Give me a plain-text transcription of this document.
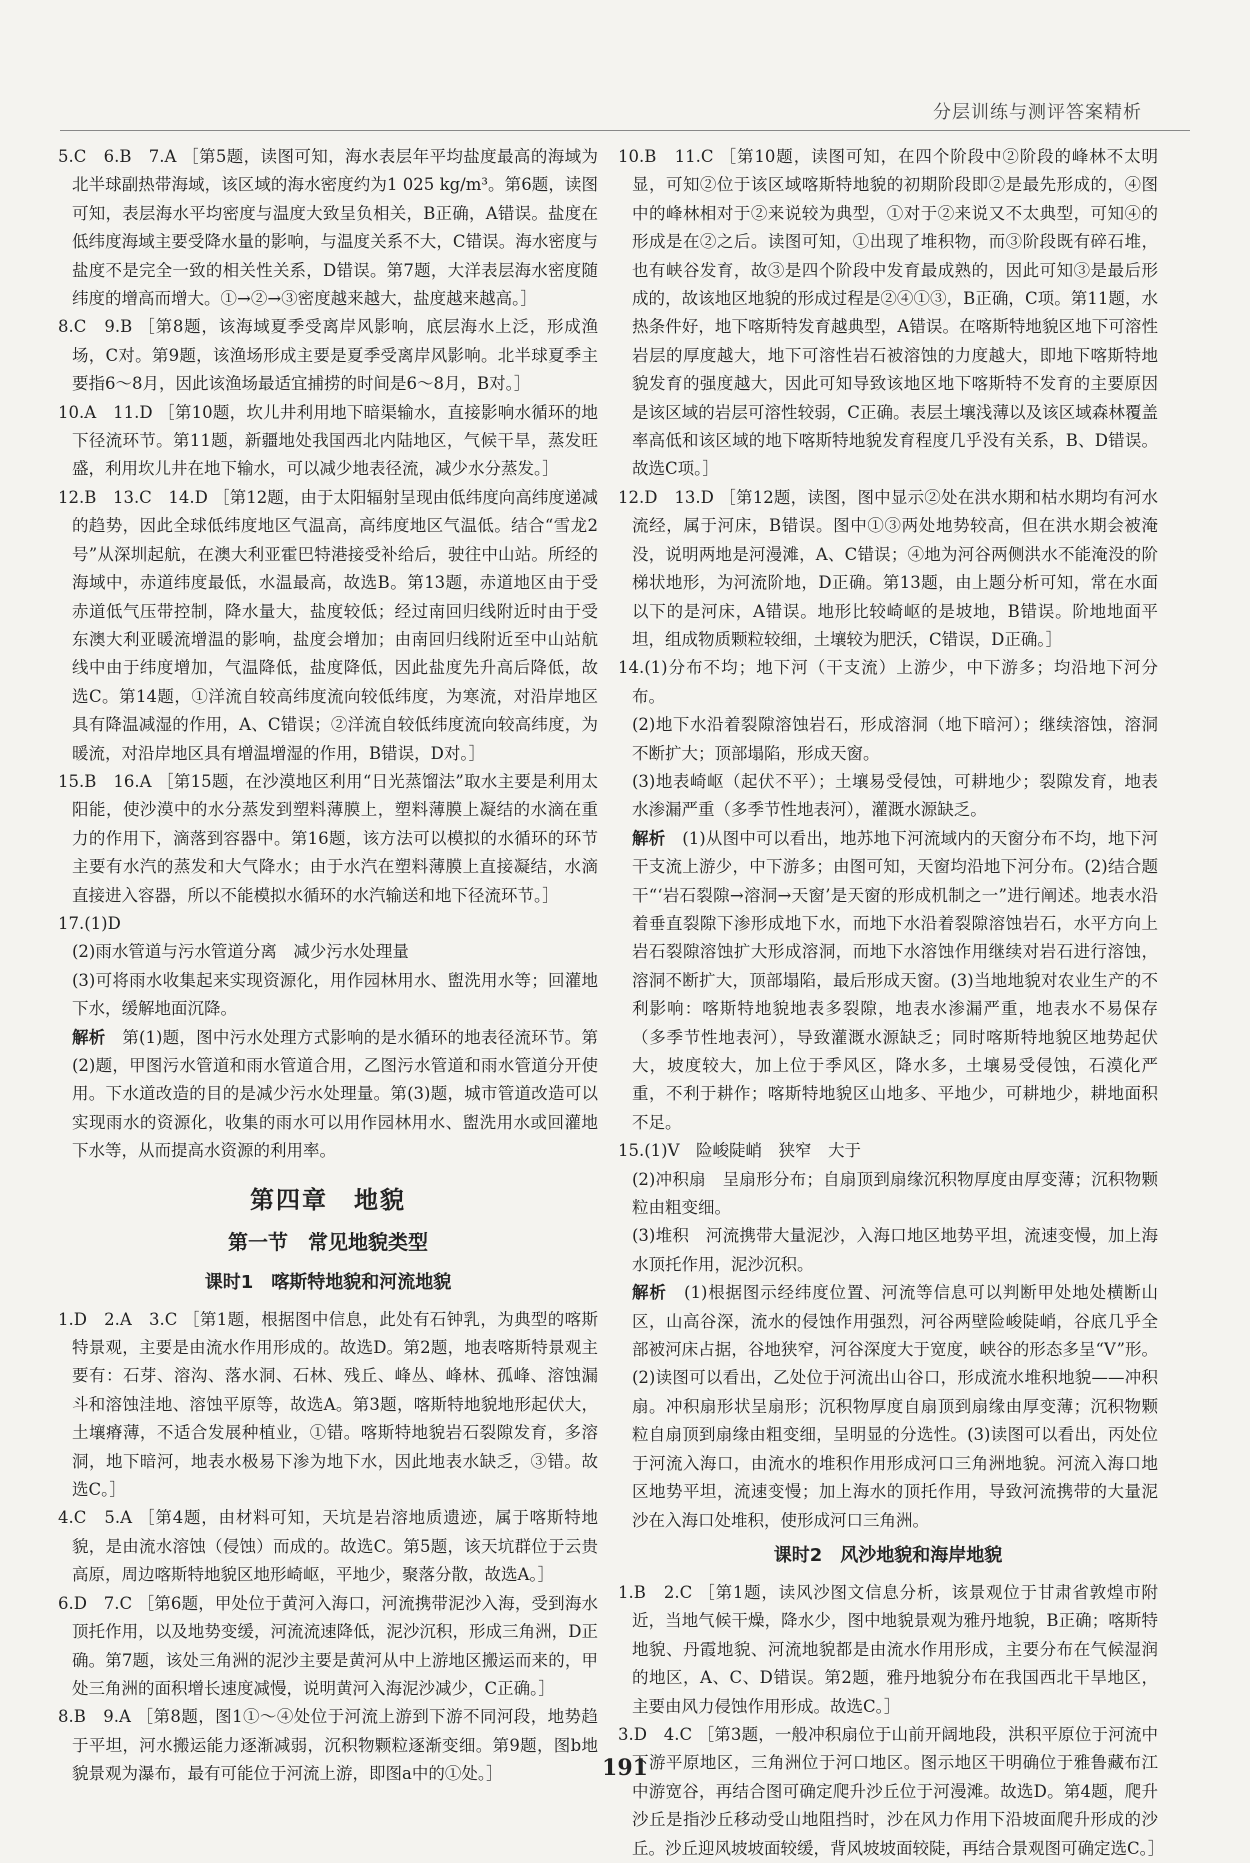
分层训练与测评答案精析

5.C　6.B　7.A ［第5题，读图可知，海水表层年平均盐度最高的海域为北半球副热带海域，该区域的海水密度约为1 025 kg/m³。第6题，读图可知，表层海水平均密度与温度大致呈负相关，B正确，A错误。盐度在低纬度海域主要受降水量的影响，与温度关系不大，C错误。海水密度与盐度不是完全一致的相关性关系，D错误。第7题，大洋表层海水密度随纬度的增高而增大。①→②→③密度越来越大，盐度越来越高。］

8.C　9.B ［第8题，该海域夏季受离岸风影响，底层海水上泛，形成渔场，C对。第9题，该渔场形成主要是夏季受离岸风影响。北半球夏季主要指6～8月，因此该渔场最适宜捕捞的时间是6～8月，B对。］

10.A　11.D ［第10题，坎儿井利用地下暗渠输水，直接影响水循环的地下径流环节。第11题，新疆地处我国西北内陆地区，气候干旱，蒸发旺盛，利用坎儿井在地下输水，可以减少地表径流，减少水分蒸发。］

12.B　13.C　14.D ［第12题，由于太阳辐射呈现由低纬度向高纬度递减的趋势，因此全球低纬度地区气温高，高纬度地区气温低。结合“雪龙2号”从深圳起航，在澳大利亚霍巴特港接受补给后，驶往中山站。所经的海域中，赤道纬度最低，水温最高，故选B。第13题，赤道地区由于受赤道低气压带控制，降水量大，盐度较低；经过南回归线附近时由于受东澳大利亚暖流增温的影响，盐度会增加；由南回归线附近至中山站航线中由于纬度增加，气温降低，盐度降低，因此盐度先升高后降低，故选C。第14题，①洋流自较高纬度流向较低纬度，为寒流，对沿岸地区具有降温减湿的作用，A、C错误；②洋流自较低纬度流向较高纬度，为暖流，对沿岸地区具有增温增湿的作用，B错误，D对。］

15.B　16.A ［第15题，在沙漠地区利用“日光蒸馏法”取水主要是利用太阳能，使沙漠中的水分蒸发到塑料薄膜上，塑料薄膜上凝结的水滴在重力的作用下，滴落到容器中。第16题，该方法可以模拟的水循环的环节主要有水汽的蒸发和大气降水；由于水汽在塑料薄膜上直接凝结，水滴直接进入容器，所以不能模拟水循环的水汽输送和地下径流环节。］

17.(1)D

(2)雨水管道与污水管道分离　减少污水处理量

(3)可将雨水收集起来实现资源化，用作园林用水、盥洗用水等；回灌地下水，缓解地面沉降。

解析　 第(1)题，图中污水处理方式影响的是水循环的地表径流环节。第(2)题，甲图污水管道和雨水管道合用，乙图污水管道和雨水管道分开使用。下水道改造的目的是减少污水处理量。第(3)题，城市管道改造可以实现雨水的资源化，收集的雨水可以用作园林用水、盥洗用水或回灌地下水等，从而提高水资源的利用率。

第四章　地貌
第一节　常见地貌类型
课时1　喀斯特地貌和河流地貌

1.D　2.A　3.C ［第1题，根据图中信息，此处有石钟乳，为典型的喀斯特景观，主要是由流水作用形成的。故选D。第2题，地表喀斯特景观主要有：石芽、溶沟、落水洞、石林、残丘、峰丛、峰林、孤峰、溶蚀漏斗和溶蚀洼地、溶蚀平原等，故选A。第3题，喀斯特地貌地形起伏大，土壤瘠薄，不适合发展种植业，①错。喀斯特地貌岩石裂隙发育，多溶洞，地下暗河，地表水极易下渗为地下水，因此地表水缺乏，③错。故选C。］

4.C　5.A ［第4题，由材料可知，天坑是岩溶地质遗迹，属于喀斯特地貌，是由流水溶蚀（侵蚀）而成的。故选C。第5题，该天坑群位于云贵高原，周边喀斯特地貌区地形崎岖，平地少，聚落分散，故选A。］

6.D　7.C ［第6题，甲处位于黄河入海口，河流携带泥沙入海，受到海水顶托作用，以及地势变缓，河流流速降低，泥沙沉积，形成三角洲，D正确。第7题，该处三角洲的泥沙主要是黄河从中上游地区搬运而来的，甲处三角洲的面积增长速度减慢，说明黄河入海泥沙减少，C正确。］

8.B　9.A ［第8题，图1①～④处位于河流上游到下游不同河段，地势趋于平坦，河水搬运能力逐渐减弱，沉积物颗粒逐渐变细。第9题，图b地貌景观为瀑布，最有可能位于河流上游，即图a中的①处。］

10.B　11.C ［第10题，读图可知，在四个阶段中②阶段的峰林不太明显，可知②位于该区域喀斯特地貌的初期阶段即②是最先形成的，④图中的峰林相对于②来说较为典型，①对于②来说又不太典型，可知④的形成是在②之后。读图可知，①出现了堆积物，而③阶段既有碎石堆，也有峡谷发育，故③是四个阶段中发育最成熟的，因此可知③是最后形成的，故该地区地貌的形成过程是②④①③，B正确，C项。第11题，水热条件好，地下喀斯特发育越典型，A错误。在喀斯特地貌区地下可溶性岩层的厚度越大，地下可溶性岩石被溶蚀的力度越大，即地下喀斯特地貌发育的强度越大，因此可知导致该地区地下喀斯特不发育的主要原因是该区域的岩层可溶性较弱，C正确。表层土壤浅薄以及该区域森林覆盖率高低和该区域的地下喀斯特地貌发育程度几乎没有关系，B、D错误。故选C项。］

12.D　13.D ［第12题，读图，图中显示②处在洪水期和枯水期均有河水流经，属于河床，B错误。图中①③两处地势较高，但在洪水期会被淹没，说明两地是河漫滩，A、C错误；④地为河谷两侧洪水不能淹没的阶梯状地形，为河流阶地，D正确。第13题，由上题分析可知，常在水面以下的是河床，A错误。地形比较崎岖的是坡地，B错误。阶地地面平坦，组成物质颗粒较细，土壤较为肥沃，C错误，D正确。］

14.(1)分布不均；地下河（干支流）上游少，中下游多；均沿地下河分布。

(2)地下水沿着裂隙溶蚀岩石，形成溶洞（地下暗河）；继续溶蚀，溶洞不断扩大；顶部塌陷，形成天窗。

(3)地表崎岖（起伏不平）；土壤易受侵蚀，可耕地少；裂隙发育，地表水渗漏严重（多季节性地表河），灌溉水源缺乏。

解析　 (1)从图中可以看出，地苏地下河流域内的天窗分布不均，地下河干支流上游少，中下游多；由图可知，天窗均沿地下河分布。(2)结合题干“‘岩石裂隙→溶洞→天窗’是天窗的形成机制之一”进行阐述。地表水沿着垂直裂隙下渗形成地下水，而地下水沿着裂隙溶蚀岩石，水平方向上岩石裂隙溶蚀扩大形成溶洞，而地下水溶蚀作用继续对岩石进行溶蚀，溶洞不断扩大，顶部塌陷，最后形成天窗。(3)当地地貌对农业生产的不利影响：喀斯特地貌地表多裂隙，地表水渗漏严重，地表水不易保存（多季节性地表河），导致灌溉水源缺乏；同时喀斯特地貌区地势起伏大，坡度较大，加上位于季风区，降水多，土壤易受侵蚀，石漠化严重，不利于耕作；喀斯特地貌区山地多、平地少，可耕地少，耕地面积不足。

15.(1)V　险峻陡峭　狭窄　大于

(2)冲积扇　呈扇形分布；自扇顶到扇缘沉积物厚度由厚变薄；沉积物颗粒由粗变细。

(3)堆积　河流携带大量泥沙，入海口地区地势平坦，流速变慢，加上海水顶托作用，泥沙沉积。

解析　 (1)根据图示经纬度位置、河流等信息可以判断甲处地处横断山区，山高谷深，流水的侵蚀作用强烈，河谷两壁险峻陡峭，谷底几乎全部被河床占据，谷地狭窄，河谷深度大于宽度，峡谷的形态多呈“V”形。(2)读图可以看出，乙处位于河流出山谷口，形成流水堆积地貌——冲积扇。冲积扇形状呈扇形；沉积物厚度自扇顶到扇缘由厚变薄；沉积物颗粒自扇顶到扇缘由粗变细，呈明显的分选性。(3)读图可以看出，丙处位于河流入海口，由流水的堆积作用形成河口三角洲地貌。河流入海口地区地势平坦，流速变慢；加上海水的顶托作用，导致河流携带的大量泥沙在入海口处堆积，使形成河口三角洲。

课时2　风沙地貌和海岸地貌

1.B　2.C ［第1题，读风沙图文信息分析，该景观位于甘肃省敦煌市附近，当地气候干燥，降水少，图中地貌景观为雅丹地貌，B正确；喀斯特地貌、丹霞地貌、河流地貌都是由流水作用形成，主要分布在气候湿润的地区，A、C、D错误。第2题，雅丹地貌分布在我国西北干旱地区，主要由风力侵蚀作用形成。故选C。］

3.D　4.C ［第3题，一般冲积扇位于山前开阔地段，洪积平原位于河流中下游平原地区，三角洲位于河口地区。图示地区干明确位于雅鲁藏布江中游宽谷，再结合图可确定爬升沙丘位于河漫滩。故选D。第4题，爬升沙丘是指沙丘移动受山地阻挡时，沙在风力作用下沿坡面爬升形成的沙丘。沙丘迎风坡坡面较缓，背风坡坡面较陡，再结合景观图可确定选C。］

191
